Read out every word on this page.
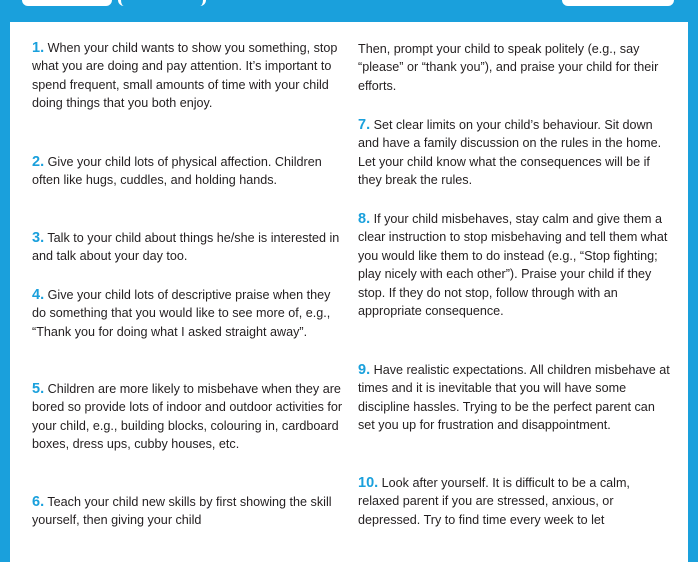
1. When your child wants to show you something, stop what you are doing and pay attention. It’s important to spend frequent, small amounts of time with your child doing things that you both enjoy.

2. Give your child lots of physical affection. Children often like hugs, cuddles, and holding hands.

3. Talk to your child about things he/she is interested in and talk about your day too.

4. Give your child lots of descriptive praise when they do something that you would like to see more of, e.g., “Thank you for doing what I asked straight away”.

5. Children are more likely to misbehave when they are bored so provide lots of indoor and outdoor activities for your child, e.g., building blocks, colouring in, cardboard boxes, dress ups, cubby houses, etc.

6. Teach your child new skills by first showing the skill yourself, then giving your child

Then, prompt your child to speak politely (e.g., say “please” or “thank you”), and praise your child for their efforts.

7. Set clear limits on your child’s behaviour. Sit down and have a family discussion on the rules in the home. Let your child know what the consequences will be if they break the rules.

8. If your child misbehaves, stay calm and give them a clear instruction to stop misbehaving and tell them what you would like them to do instead (e.g., “Stop fighting; play nicely with each other”). Praise your child if they stop. If they do not stop, follow through with an appropriate consequence.

9. Have realistic expectations. All children misbehave at times and it is inevitable that you will have some discipline hassles. Trying to be the perfect parent can set you up for frustration and disappointment.

10. Look after yourself. It is difficult to be a calm, relaxed parent if you are stressed, anxious, or depressed. Try to find time every week to let
